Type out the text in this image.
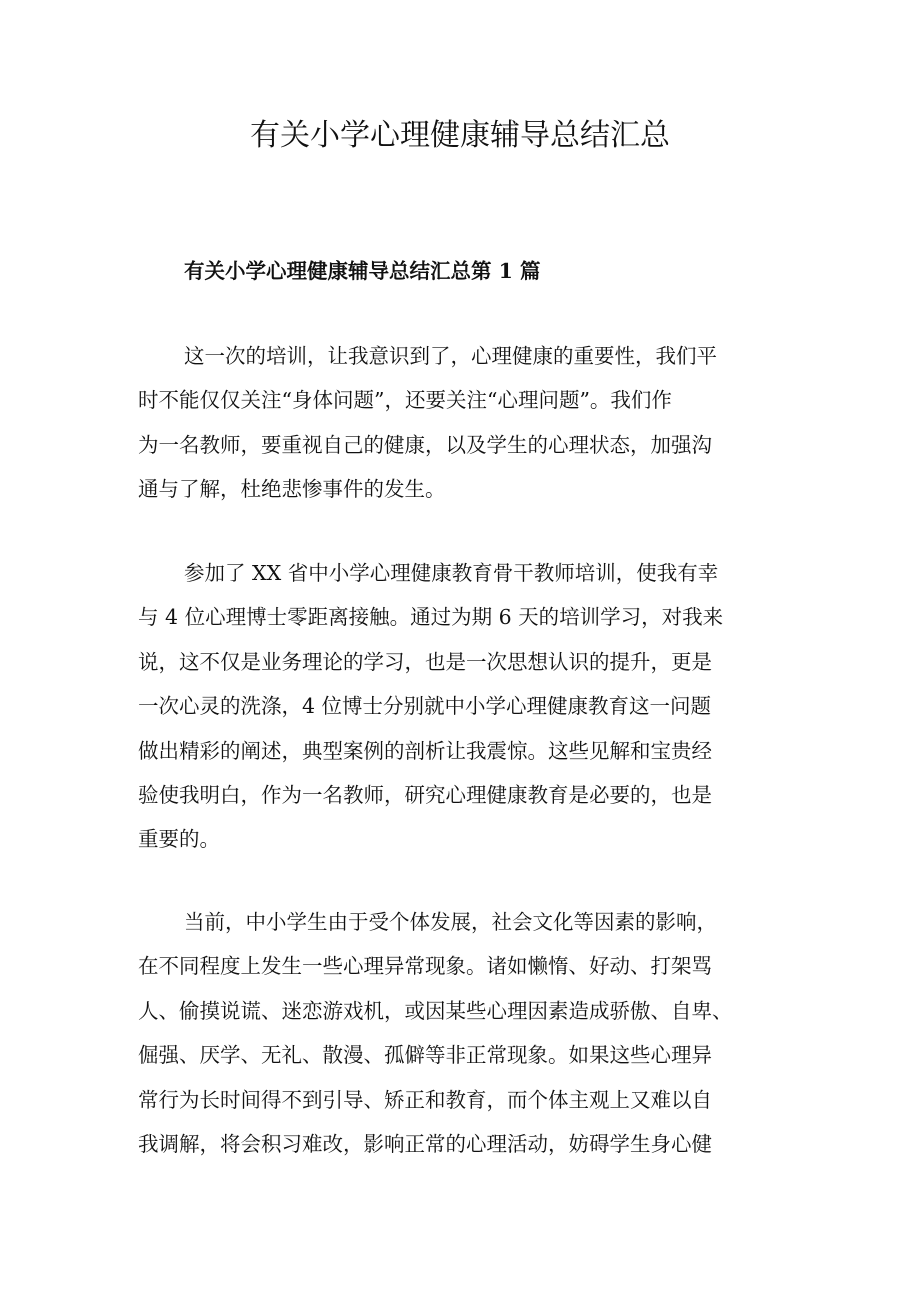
有关小学心理健康辅导总结汇总
有关小学心理健康辅导总结汇总第 1 篇

这一次的培训，让我意识到了，心理健康的重要性，我们平
时不能仅仅关注“身体问题”，还要关注“心理问题”。我们作
为一名教师，要重视自己的健康，以及学生的心理状态，加强沟
通与了解，杜绝悲惨事件的发生。

参加了 XX 省中小学心理健康教育骨干教师培训，使我有幸
与 4 位心理博士零距离接触。通过为期 6 天的培训学习，对我来
说，这不仅是业务理论的学习，也是一次思想认识的提升，更是
一次心灵的洗涤，4 位博士分别就中小学心理健康教育这一问题
做出精彩的阐述，典型案例的剖析让我震惊。这些见解和宝贵经
验使我明白，作为一名教师，研究心理健康教育是必要的，也是
重要的。

当前，中小学生由于受个体发展，社会文化等因素的影响，
在不同程度上发生一些心理异常现象。诸如懒惰、好动、打架骂
人、偷摸说谎、迷恋游戏机，或因某些心理因素造成骄傲、自卑、
倔强、厌学、无礼、散漫、孤僻等非正常现象。如果这些心理异
常行为长时间得不到引导、矫正和教育，而个体主观上又难以自
我调解，将会积习难改，影响正常的心理活动，妨碍学生身心健
